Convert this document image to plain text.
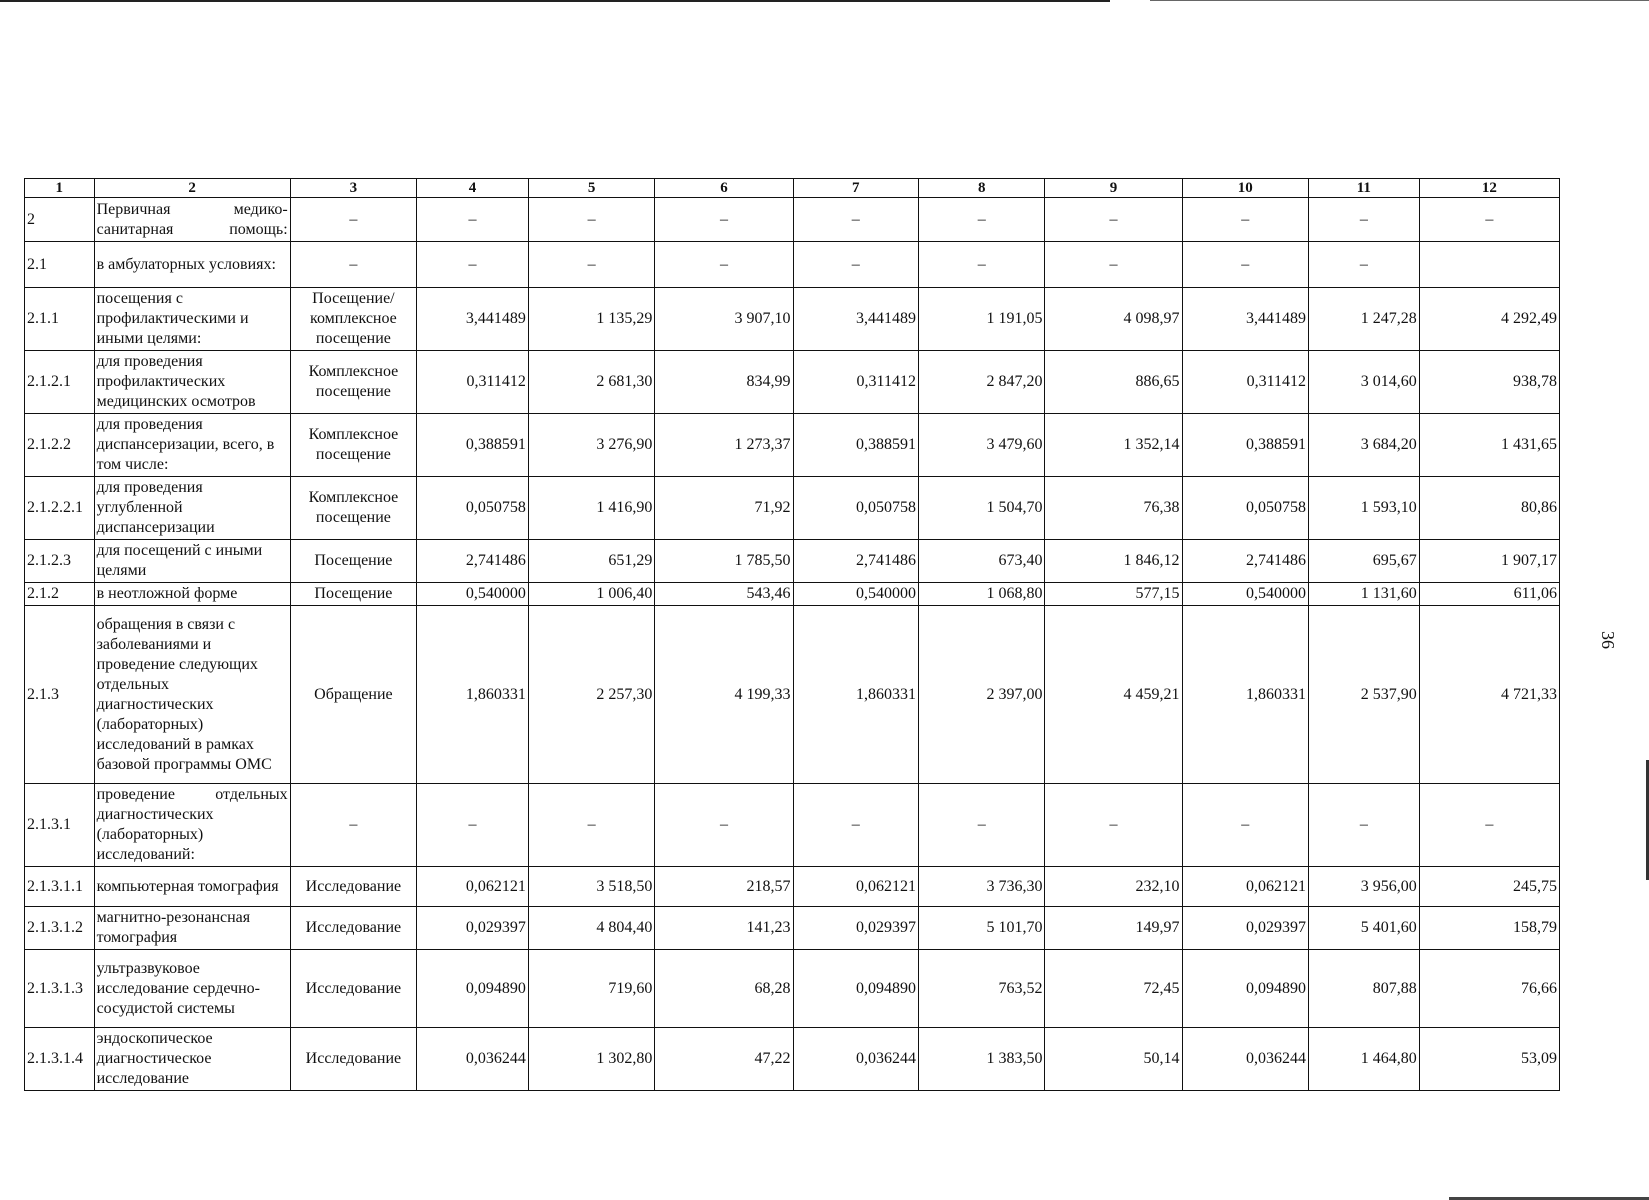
36
1	2	3	4	5	6	7	8	9	10	11	12
2	Первичная медико-санитарная помощь:	–	–	–	–	–	–	–	–	–	–
2.1	в амбулаторных условиях:	–	–	–	–	–	–	–	–	–	
2.1.1	посещения с профилактическими и иными целями:	Посещение/ комплексное посещение	3,441489	1 135,29	3 907,10	3,441489	1 191,05	4 098,97	3,441489	1 247,28	4 292,49
2.1.2.1	для проведения профилактических медицинских осмотров	Комплексное посещение	0,311412	2 681,30	834,99	0,311412	2 847,20	886,65	0,311412	3 014,60	938,78
2.1.2.2	для проведения диспансеризации, всего, в том числе:	Комплексное посещение	0,388591	3 276,90	1 273,37	0,388591	3 479,60	1 352,14	0,388591	3 684,20	1 431,65
2.1.2.2.1	для проведения углубленной диспансеризации	Комплексное посещение	0,050758	1 416,90	71,92	0,050758	1 504,70	76,38	0,050758	1 593,10	80,86
2.1.2.3	для посещений с иными целями	Посещение	2,741486	651,29	1 785,50	2,741486	673,40	1 846,12	2,741486	695,67	1 907,17
2.1.2	в неотложной форме	Посещение	0,540000	1 006,40	543,46	0,540000	1 068,80	577,15	0,540000	1 131,60	611,06
2.1.3	обращения в связи с заболеваниями и проведение следующих отдельных диагностических (лабораторных) исследований в рамках базовой программы ОМС	Обращение	1,860331	2 257,30	4 199,33	1,860331	2 397,00	4 459,21	1,860331	2 537,90	4 721,33
2.1.3.1	проведение отдельных диагностических (лабораторных) исследований:	–	–	–	–	–	–	–	–	–	–
2.1.3.1.1	компьютерная томография	Исследование	0,062121	3 518,50	218,57	0,062121	3 736,30	232,10	0,062121	3 956,00	245,75
2.1.3.1.2	магнитно-резонансная томография	Исследование	0,029397	4 804,40	141,23	0,029397	5 101,70	149,97	0,029397	5 401,60	158,79
2.1.3.1.3	ультразвуковое исследование сердечно-сосудистой системы	Исследование	0,094890	719,60	68,28	0,094890	763,52	72,45	0,094890	807,88	76,66
2.1.3.1.4	эндоскопическое диагностическое исследование	Исследование	0,036244	1 302,80	47,22	0,036244	1 383,50	50,14	0,036244	1 464,80	53,09
